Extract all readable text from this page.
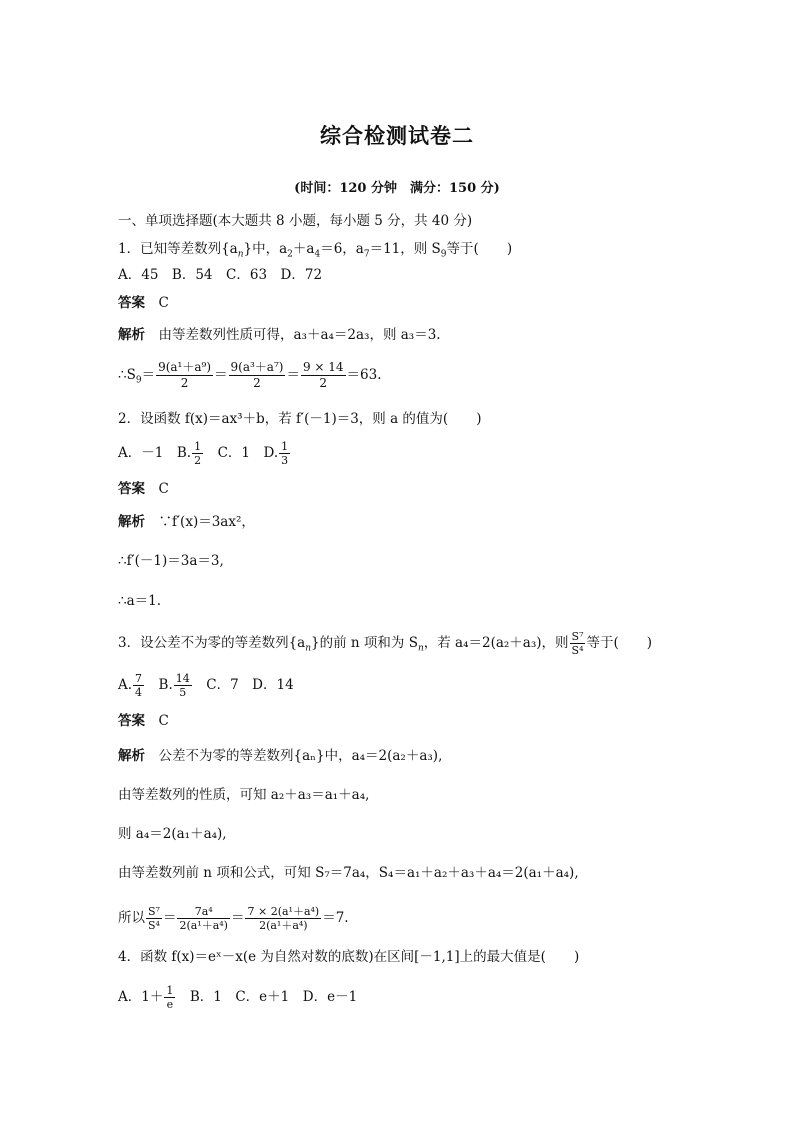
综合检测试卷二
(时间：120 分钟　满分：150 分)
一、单项选择题(本大题共 8 小题，每小题 5 分，共 40 分)
1．已知等差数列$\{a_n\}$中，$a_2+a_4=6$，$a_7=11$，则 $S_9$等于( )
A．45　B．54　C．63　D．72
答案　 C
解析　 由等差数列性质可得，a₃＋a₄＝2a₃，则 a₃＝3.
$\therefore S_9= \frac{\text{9(a¹＋a⁹)}}{2} = \frac{\text{9(a³＋a⁷)}}{2} = \frac{9 \times 14}{2} =63$.
2．设函数 f(x)＝ax³＋b，若 f′(－1)＝3，则 a 的值为( )
A．－1　B. $\frac{1}{2}$
　 C．1　D. $\frac{1}{3}$
答案　 C
解析　 ∵f′(x)＝3ax²，
∴f′(－1)＝3a＝3,
∴a＝1.
3．设公差不为零的等差数列$\{a_n\}$的前 n 项和为 $S_n$，若 a₄＝2(a₂＋a₃)，则 $\frac{\text{S⁷}}{\text{S⁴}}$ 等于( )
A. $\frac{7}{4}$
　 B. $\frac{14}{5}$
　 C．7　D．14
答案　 C
解析　 公差不为零的等差数列{aₙ}中，a₄＝2(a₂＋a₃),
由等差数列的性质，可知 a₂＋a₃＝a₁＋a₄,
则 a₄＝2(a₁＋a₄),
由等差数列前 n 项和公式，可知 S₇＝7a₄，S₄＝a₁＋a₂＋a₃＋a₄＝2(a₁＋a₄),
所以 $\frac{\text{S⁷}}{\text{S⁴}} = \frac{\text{7a⁴}}{\text{2(a¹＋a⁴)}} = \frac{\text{7 × 2(a¹＋a⁴)}}{\text{2(a¹＋a⁴)}} =7$.
4．函数 f(x)＝eˣ－x(e 为自然对数的底数)在区间[－1,1]上的最大值是( )
A．$1+ \frac{1}{e}$
　 B．1　C．e＋1　D．e－1
